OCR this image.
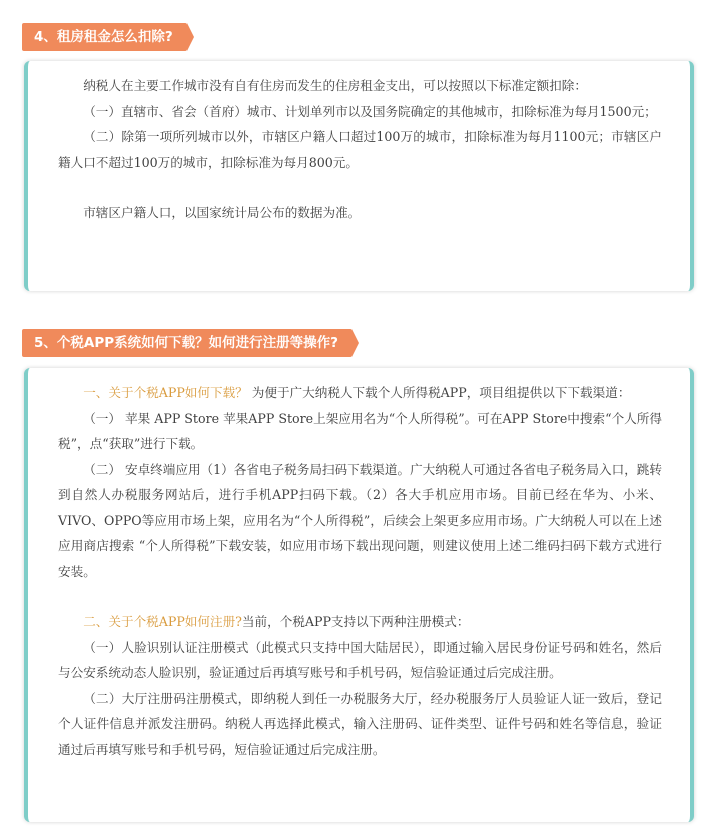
4、租房租金怎么扣除?

纳税人在主要工作城市没有自有住房而发生的住房租金支出，可以按照以下标准定额扣除：

（一）直辖市、省会（首府）城市、计划单列市以及国务院确定的其他城市，扣除标准为每月1500元；

（二）除第一项所列城市以外，市辖区户籍人口超过100万的城市，扣除标准为每月1100元；市辖区户籍人口不超过100万的城市，扣除标准为每月800元。

市辖区户籍人口，以国家统计局公布的数据为准。

5、个税APP系统如何下载？如何进行注册等操作?

一、关于个税APP如何下载？ 为便于广大纳税人下载个人所得税APP，项目组提供以下下载渠道：

（一） 苹果 APP Store 苹果APP Store上架应用名为“个人所得税”。可在APP Store中搜索“个人所得税”，点“获取”进行下载。

（二） 安卓终端应用（1）各省电子税务局扫码下载渠道。广大纳税人可通过各省电子税务局入口，跳转到自然人办税服务网站后，进行手机APP扫码下载。（2）各大手机应用市场。目前已经在华为、小米、VIVO、OPPO等应用市场上架，应用名为“个人所得税”，后续会上架更多应用市场。广大纳税人可以在上述应用商店搜索 “个人所得税”下载安装，如应用市场下载出现问题，则建议使用上述二维码扫码下载方式进行安装。

二、关于个税APP如何注册?当前，个税APP支持以下两种注册模式：

（一）人脸识别认证注册模式（此模式只支持中国大陆居民），即通过输入居民身份证号码和姓名，然后与公安系统动态人脸识别，验证通过后再填写账号和手机号码，短信验证通过后完成注册。

（二）大厅注册码注册模式，即纳税人到任一办税服务大厅，经办税服务厅人员验证人证一致后，登记个人证件信息并派发注册码。纳税人再选择此模式，输入注册码、证件类型、证件号码和姓名等信息，验证通过后再填写账号和手机号码，短信验证通过后完成注册。
